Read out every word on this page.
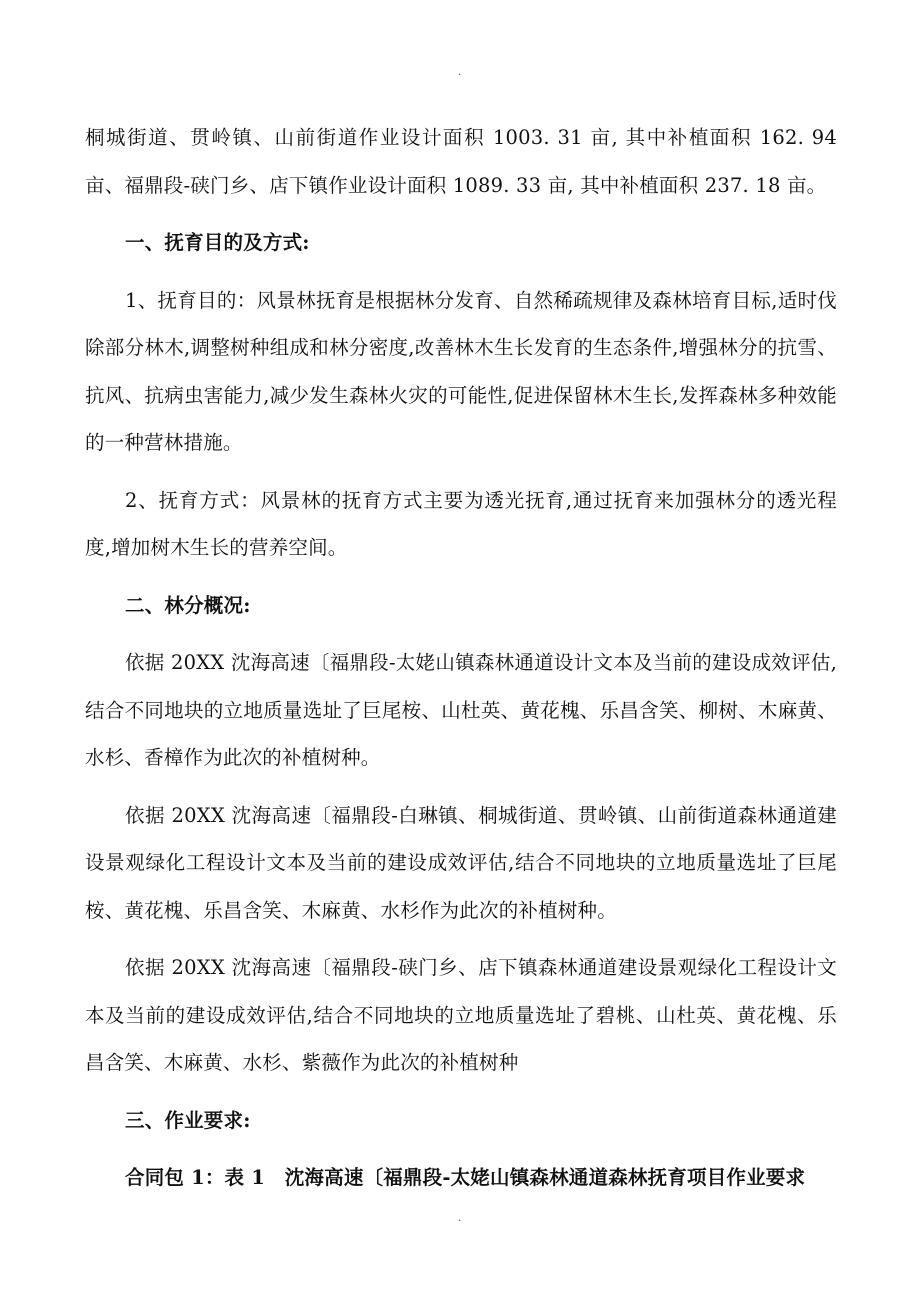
.

桐城街道、贯岭镇、山前街道作业设计面积 1003. 31 亩, 其中补植面积 162. 94 亩、福鼎段-硖门乡、店下镇作业设计面积 1089. 33 亩, 其中补植面积 237. 18 亩。

一、抚育目的及方式:

1、抚育目的：风景林抚育是根据林分发育、自然稀疏规律及森林培育目标,适时伐除部分林木,调整树种组成和林分密度,改善林木生长发育的生态条件,增强林分的抗雪、抗风、抗病虫害能力,减少发生森林火灾的可能性,促进保留林木生长,发挥森林多种效能的一种营林措施。

2、抚育方式：风景林的抚育方式主要为透光抚育,通过抚育来加强林分的透光程度,增加树木生长的营养空间。

二、林分概况:

依据 20XX 沈海高速〔福鼎段-太姥山镇森林通道设计文本及当前的建设成效评估,结合不同地块的立地质量选址了巨尾桉、山杜英、黄花槐、乐昌含笑、柳树、木麻黄、水杉、香樟作为此次的补植树种。

依据 20XX 沈海高速〔福鼎段-白琳镇、桐城街道、贯岭镇、山前街道森林通道建设景观绿化工程设计文本及当前的建设成效评估,结合不同地块的立地质量选址了巨尾桉、黄花槐、乐昌含笑、木麻黄、水杉作为此次的补植树种。

依据 20XX 沈海高速〔福鼎段-硖门乡、店下镇森林通道建设景观绿化工程设计文本及当前的建设成效评估,结合不同地块的立地质量选址了碧桃、山杜英、黄花槐、乐昌含笑、木麻黄、水杉、紫薇作为此次的补植树种

三、作业要求:

合同包 1：表 1　沈海高速〔福鼎段-太姥山镇森林通道森林抚育项目作业要求

.
